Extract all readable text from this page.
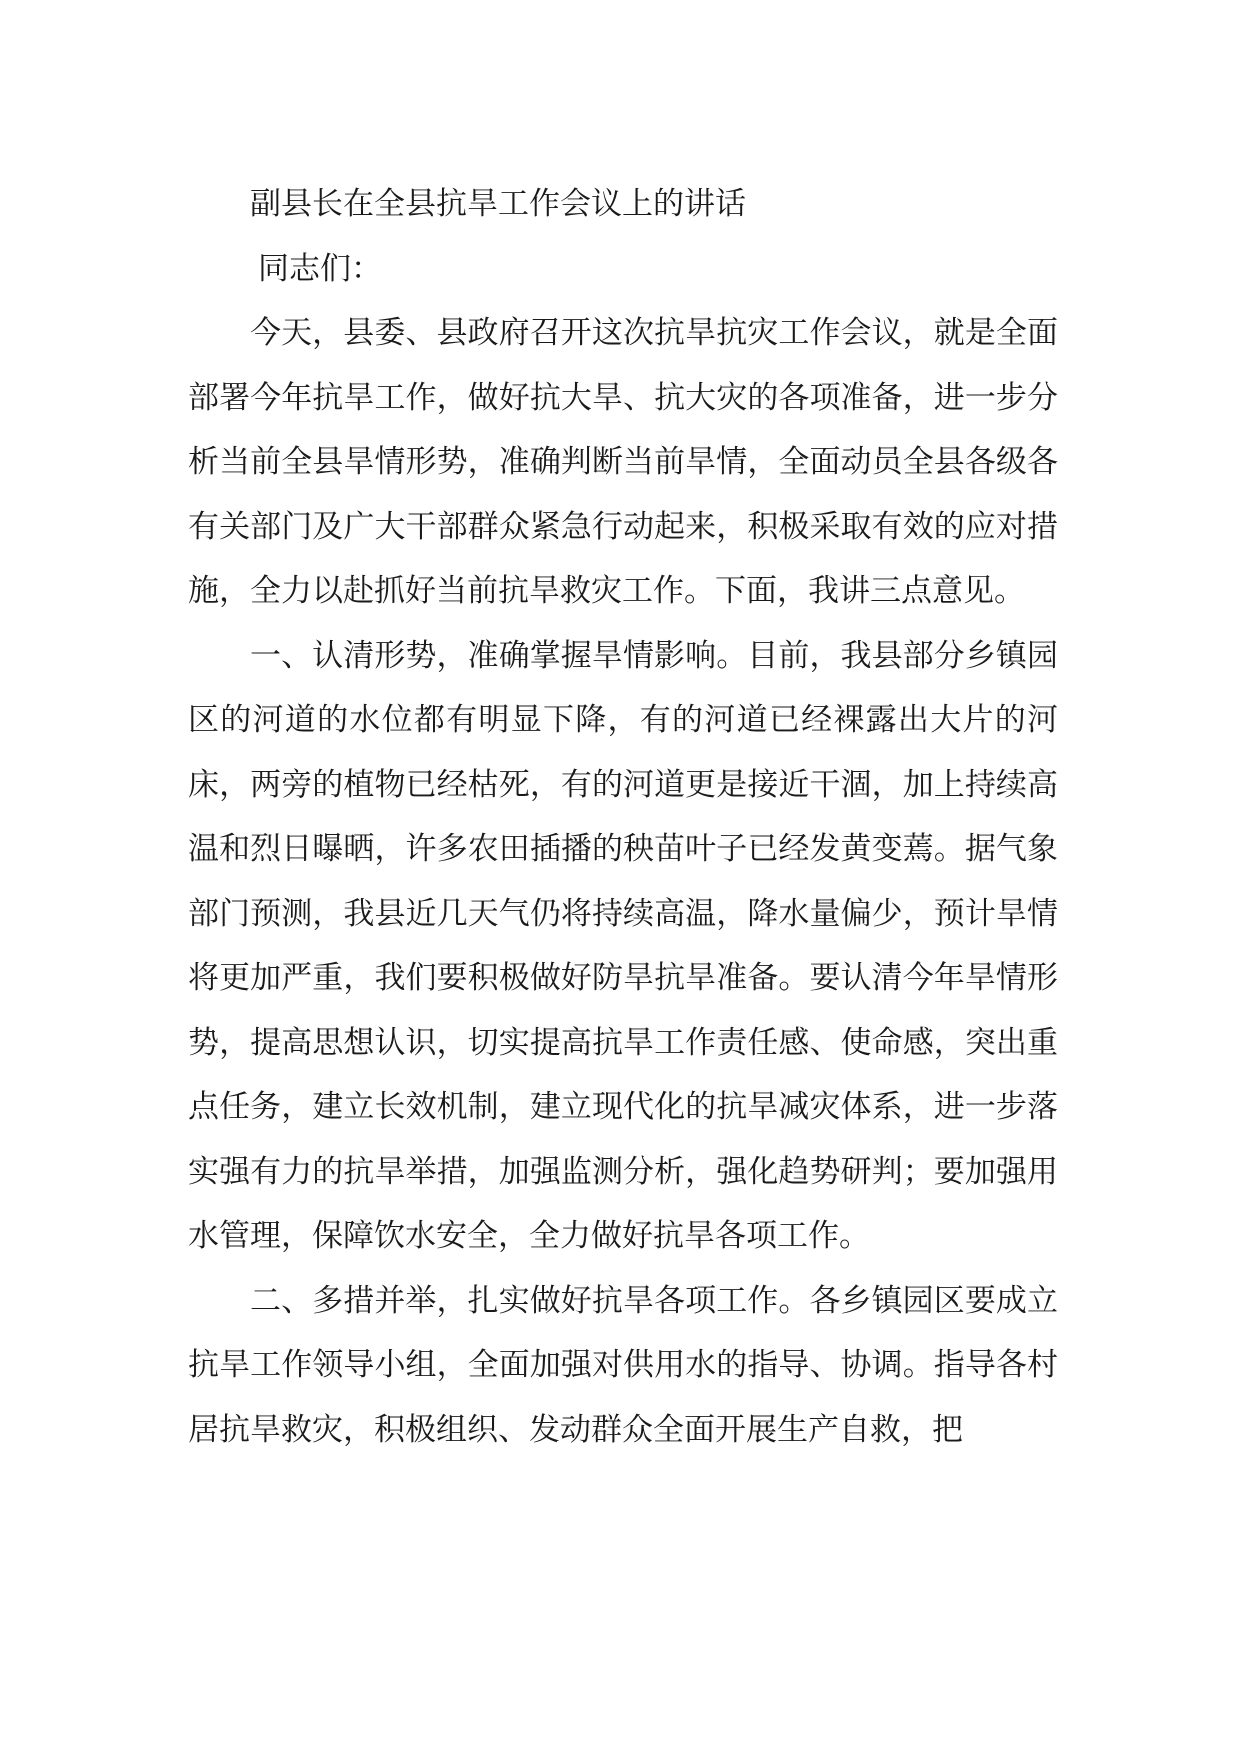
副县长在全县抗旱工作会议上的讲话

同志们：

今天，县委、县政府召开这次抗旱抗灾工作会议，就是全面部署今年抗旱工作，做好抗大旱、抗大灾的各项准备，进一步分析当前全县旱情形势，准确判断当前旱情，全面动员全县各级各有关部门及广大干部群众紧急行动起来，积极采取有效的应对措施，全力以赴抓好当前抗旱救灾工作。下面，我讲三点意见。

一、认清形势，准确掌握旱情影响。目前，我县部分乡镇园区的河道的水位都有明显下降，有的河道已经裸露出大片的河床，两旁的植物已经枯死，有的河道更是接近干涸，加上持续高温和烈日曝晒，许多农田插播的秧苗叶子已经发黄变蔫。据气象部门预测，我县近几天气仍将持续高温，降水量偏少，预计旱情将更加严重，我们要积极做好防旱抗旱准备。要认清今年旱情形势，提高思想认识，切实提高抗旱工作责任感、使命感，突出重点任务，建立长效机制，建立现代化的抗旱减灾体系，进一步落实强有力的抗旱举措，加强监测分析，强化趋势研判；要加强用水管理，保障饮水安全，全力做好抗旱各项工作。

二、多措并举，扎实做好抗旱各项工作。各乡镇园区要成立抗旱工作领导小组，全面加强对供用水的指导、协调。指导各村居抗旱救灾，积极组织、发动群众全面开展生产自救，把
